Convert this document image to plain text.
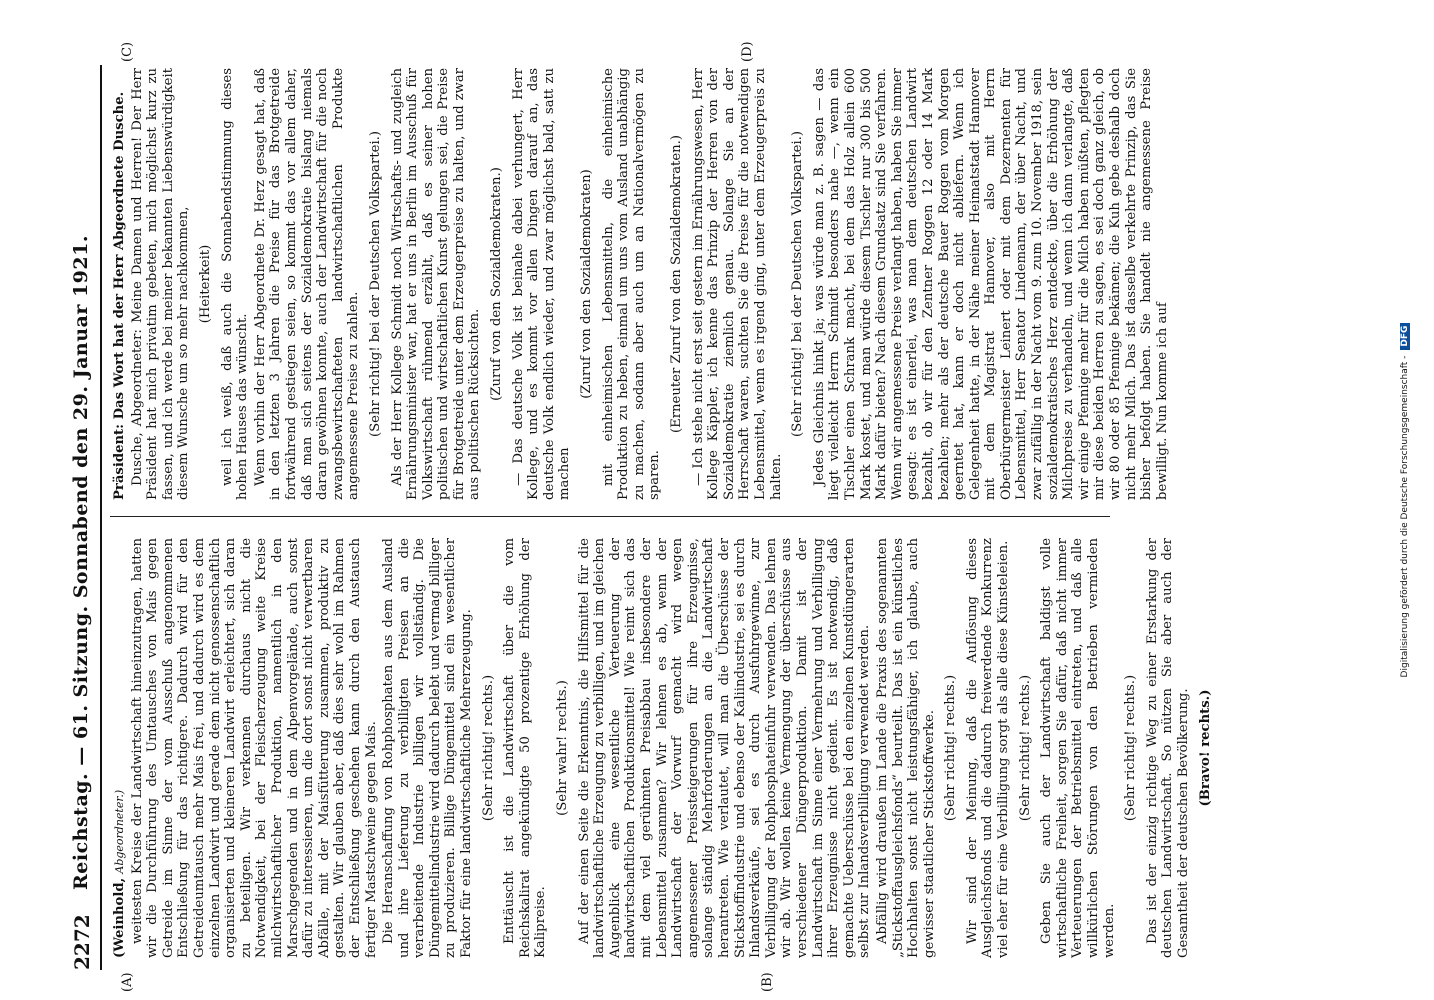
2272
Reichstag. — 61. Sitzung. Sonnabend den 29. Januar 1921.
(A)	(B)
(C)	(D)

(Weinhold, Abgeordneter.) weitesten Kreise der Landwirtschaft hineinzutragen, hatten wir die Durchführung des Umtausches von Mais gegen Getreide im Sinne der vom Ausschuß angenommenen Entschließung für das richtigere. Dadurch wird für den Getreideumtausch mehr Mais frei, und dadurch wird es dem einzelnen Landwirt und gerade dem nicht genossenschaftlich organisierten und kleineren Landwirt erleichtert, sich daran zu beteiligen. Wir verkennen durchaus nicht die Notwendigkeit, bei der Fleischerzeugung weite Kreise milchwirtschaftlicher Produktion, namentlich in den Marschgegenden und in dem Alpenvorgelände, auch sonst dafür zu interessieren, um die dort sonst nicht verwertbaren Abfälle, mit der Maisfütterung zusammen, produktiv zu gestalten. Wir glauben aber, daß dies sehr wohl im Rahmen der Entschließung geschehen kann durch den Austausch fertiger Mastschweine gegen Mais. Die Heranschaffung von Rohphosphaten aus dem Ausland und ihre Lieferung zu verbilligten Preisen an die verarbeitende Industrie billigen wir vollständig. Die Düngemittelindustrie wird dadurch belebt und vermag billiger zu produzieren. Billige Düngemittel sind ein wesentlicher Faktor für eine landwirtschaftliche Mehrerzeugung. (Sehr richtig! rechts.) Enttäuscht ist die Landwirtschaft über die vom Reichskalirat angekündigte 50 prozentige Erhöhung der Kalipreise.

(Sehr wahr! rechts.) Auf der einen Seite die Erkenntnis, die Hilfsmittel für die landwirtschaftliche Erzeugung zu verbilligen, und im gleichen Augenblick eine wesentliche Verteuerung der landwirtschaftlichen Produktionsmittel! Wie reimt sich das mit dem viel gerühmten Preisabbau insbesondere der Lebensmittel zusammen? Wir lehnen es ab, wenn der Landwirtschaft der Vorwurf gemacht wird wegen angemessener Preissteigerungen für ihre Erzeugnisse, solange ständig Mehrforderungen an die Landwirtschaft herantreten. Wie verlautet, will man die Überschüsse der Stickstoffindustrie und ebenso der Kaliindustrie, sei es durch Inlandsverkäufe, sei es durch Ausfuhrgewinne, zur Verbilligung der Rohphosphateinfuhr verwenden. Das lehnen wir ab. Wir wollen keine Vermengung der überschüsse aus verschiedener Düngerproduktion. Damit ist der Landwirtschaft im Sinne einer Vermehrung und Verbilligung ihrer Erzeugnisse nicht gedient. Es ist notwendig, daß gemachte Ueberschüsse bei den einzelnen Kunstdüngerarten selbst zur Inlandsverbilligung verwendet werden. Abfällig wird draußen im Lande die Praxis des sogenannten „Stickstoffausgleichsfonds“ beurteilt. Das ist ein künstliches Hochhalten sonst nicht leistungsfähiger, ich glaube, auch gewisser staatlicher Stickstoffwerke. (Sehr richtig! rechts.) Wir sind der Meinung, daß die Auflösung dieses Ausgleichsfonds und die dadurch freiwerdende Konkurrenz viel eher für eine Verbilligung sorgt als alle diese Künsteleien. (Sehr richtig! rechts.) Geben Sie auch der Landwirtschaft baldigst volle wirtschaftliche Freiheit, sorgen Sie dafür, daß nicht immer Verteuerungen der Betriebsmittel eintreten, und daß alle willkürlichen Störungen von den Betrieben vermieden werden.

(Sehr richtig! rechts.) Das ist der einzig richtige Weg zu einer Erstarkung der deutschen Landwirtschaft. So nützen Sie aber auch der Gesamtheit der deutschen Bevölkerung. (Bravo! rechts.)

Präsident: Das Wort hat der Herr Abgeordnete Dusche. Dusche, Abgeordneter: Meine Damen und Herren! Der Herr Präsident hat mich privatim gebeten, mich möglichst kurz zu fassen, und ich werde bei meiner bekannten Liebenswürdigkeit diesem Wunsche um so mehr nachkommen, (Heiterkeit) weil ich weiß, daß auch die Sonnabendstimmung dieses hohen Hauses das wünscht. Wenn vorhin der Herr Abgeordnete Dr. Herz gesagt hat, daß in den letzten 3 Jahren die Preise für das Brotgetreide fortwährend gestiegen seien, so kommt das vor allem daher, daß man sich seitens der Sozialdemokratie bislang niemals daran gewöhnen konnte, auch der Landwirtschaft für die noch zwangsbewirtschafteten landwirtschaftlichen Produkte angemessene Preise zu zahlen. (Sehr richtig! bei der Deutschen Volkspartei.) Als der Herr Kollege Schmidt noch Wirtschafts- und zugleich Ernährungsminister war, hat er uns in Berlin im Ausschuß für Volkswirtschaft rühmend erzählt, daß es seiner hohen politischen und wirtschaftlichen Kunst gelungen sei, die Preise für Brotgetreide unter dem Erzeugerpreise zu halten, und zwar aus politischen Rücksichten.

(Zuruf von den Sozialdemokraten.) — Das deutsche Volk ist beinahe dabei verhungert, Herr Kollege, und es kommt vor allen Dingen darauf an, das deutsche Volk endlich wieder, und zwar möglichst bald, satt zu machen

(Zuruf von den Sozialdemokraten) mit einheimischen Lebensmitteln, die einheimische Produktion zu heben, einmal um uns vom Ausland unabhängig zu machen, sodann aber auch um an Nationalvermögen zu sparen.

(Erneuter Zuruf von den Sozialdemokraten.) — Ich stehe nicht erst seit gestern im Ernährungswesen, Herr Kollege Käppler, ich kenne das Prinzip der Herren von der Sozialdemokratie ziemlich genau. Solange Sie an der Herrschaft waren, suchten Sie die Preise für die notwendigen Lebensmittel, wenn es irgend ging, unter dem Erzeugerpreis zu halten.

(Sehr richtig! bei der Deutschen Volkspartei.) Jedes Gleichnis hinkt ja; was würde man z. B. sagen — das liegt vielleicht Herrn Schmidt besonders nahe —, wenn ein Tischler einen Schrank macht, bei dem das Holz allein 600 Mark kostet, und man würde diesem Tischler nur 300 bis 500 Mark dafür bieten? Nach diesem Grundsatz sind Sie verfahren. Wenn wir angemessene Preise verlangt haben, haben Sie immer gesagt: es ist einerlei, was man dem deutschen Landwirt bezahlt, ob wir für den Zentner Roggen 12 oder 14 Mark bezahlen; mehr als der deutsche Bauer Roggen vom Morgen geerntet hat, kann er doch nicht abliefern. Wenn ich Gelegenheit hatte, in der Nähe meiner Heimatstadt Hannover mit dem Magistrat Hannover, also mit Herrn Oberbürgermeister Leinert oder mit dem Dezernenten für Lebensmittel, Herr Senator Lindemann, der über Nacht, und zwar zufällig in der Nacht vom 9. zum 10. November 1918, sein sozialdemokratisches Herz entdeckte, über die Erhöhung der Milchpreise zu verhandeln, und wenn ich dann verlangte, daß wir einige Pfennige mehr für die Milch haben müßten, pflegten mir diese beiden Herren zu sagen, es sei doch ganz gleich, ob wir 80 oder 85 Pfennige bekämen; die Kuh gebe deshalb doch nicht mehr Milch. Das ist dasselbe verkehrte Prinzip, das Sie bisher befolgt haben. Sie handelt nie angemessene Preise bewilligt. Nun komme ich auf	Digitalisierung gefördert durch die Deutsche Forschungsgemeinschaft -DFG
